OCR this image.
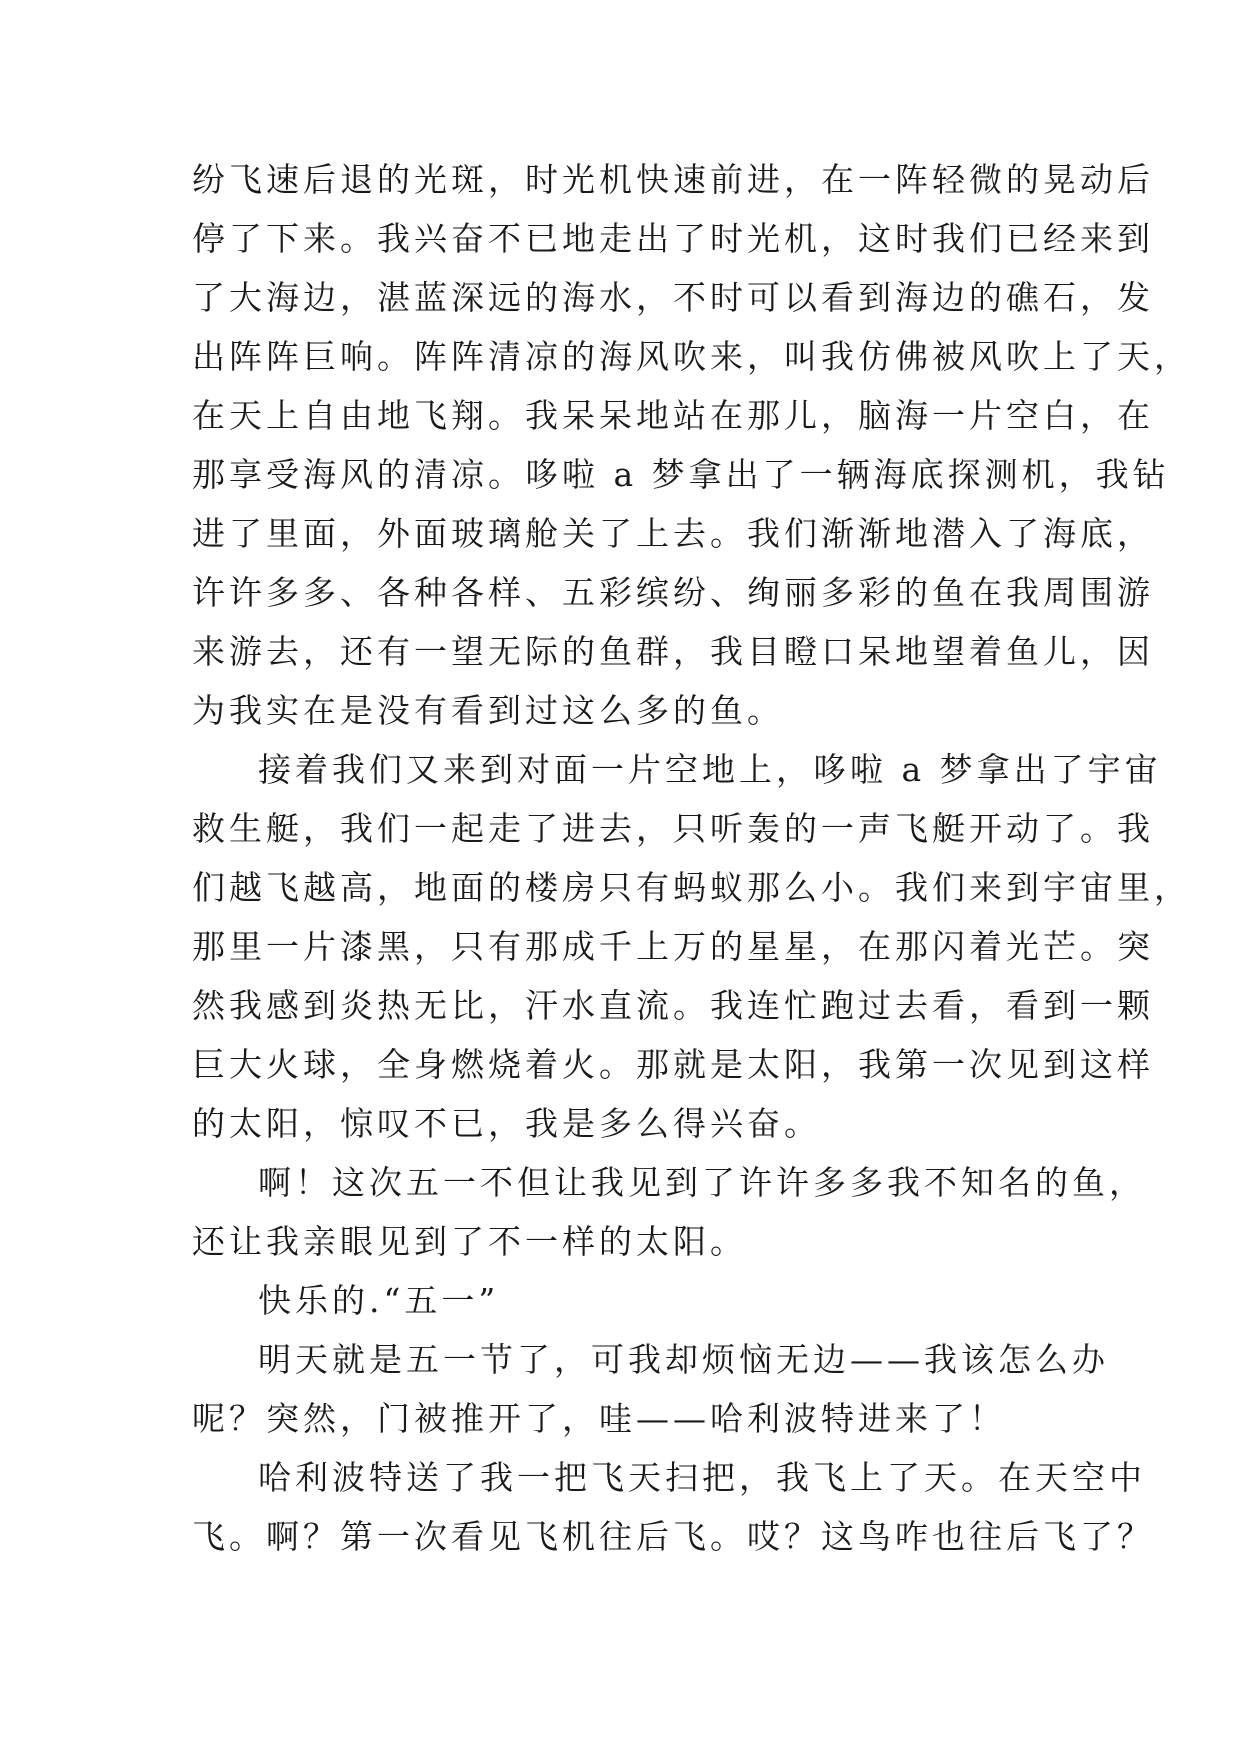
纷飞速后退的光斑，时光机快速前进，在一阵轻微的晃动后
停了下来。我兴奋不已地走出了时光机，这时我们已经来到
了大海边，湛蓝深远的海水，不时可以看到海边的礁石，发
出阵阵巨响。阵阵清凉的海风吹来，叫我仿佛被风吹上了天，
在天上自由地飞翔。我呆呆地站在那儿，脑海一片空白，在
那享受海风的清凉。哆啦 a 梦拿出了一辆海底探测机，我钻
进了里面，外面玻璃舱关了上去。我们渐渐地潜入了海底，
许许多多、各种各样、五彩缤纷、绚丽多彩的鱼在我周围游
来游去，还有一望无际的鱼群，我目瞪口呆地望着鱼儿，因
为我实在是没有看到过这么多的鱼。
接着我们又来到对面一片空地上，哆啦 a 梦拿出了宇宙
救生艇，我们一起走了进去，只听轰的一声飞艇开动了。我
们越飞越高，地面的楼房只有蚂蚁那么小。我们来到宇宙里，
那里一片漆黑，只有那成千上万的星星，在那闪着光芒。突
然我感到炎热无比，汗水直流。我连忙跑过去看，看到一颗
巨大火球，全身燃烧着火。那就是太阳，我第一次见到这样
的太阳，惊叹不已，我是多么得兴奋。
啊！这次五一不但让我见到了许许多多我不知名的鱼，
还让我亲眼见到了不一样的太阳。
快乐的.“五一”
明天就是五一节了，可我却烦恼无边——我该怎么办
呢？突然，门被推开了，哇——哈利波特进来了！
哈利波特送了我一把飞天扫把，我飞上了天。在天空中
飞。啊？第一次看见飞机往后飞。哎？这鸟咋也往后飞了？
